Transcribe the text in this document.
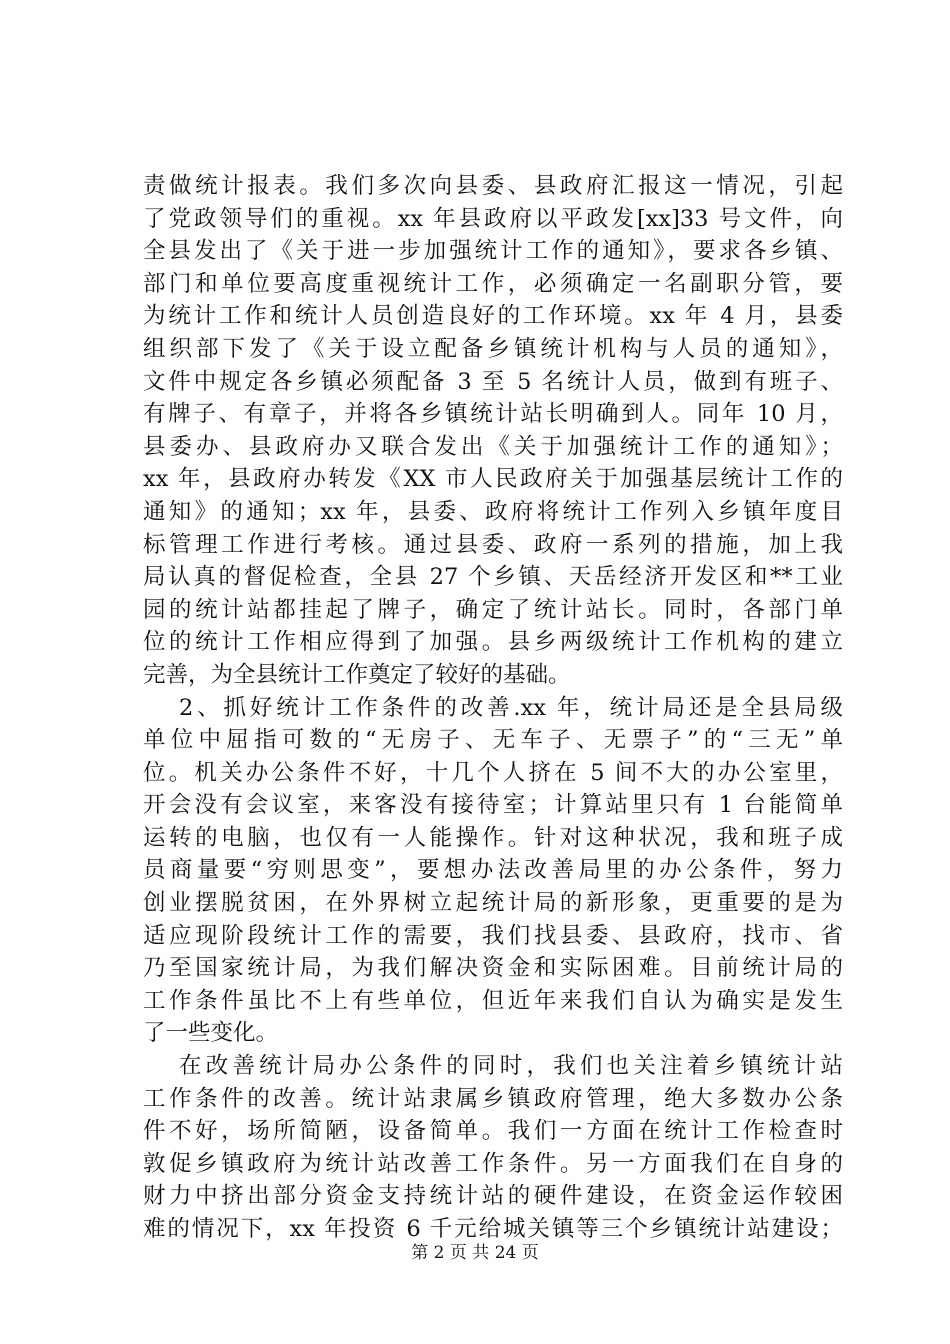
责做统计报表。我们多次向县委、县政府汇报这一情况，引起
了党政领导们的重视。xx 年县政府以平政发[xx]33 号文件，向
全县发出了《关于进一步加强统计工作的通知》，要求各乡镇、
部门和单位要高度重视统计工作，必须确定一名副职分管，要
为统计工作和统计人员创造良好的工作环境。xx 年 4 月，县委
组织部下发了《关于设立配备乡镇统计机构与人员的通知》，
文件中规定各乡镇必须配备 3 至 5 名统计人员，做到有班子、
有牌子、有章子，并将各乡镇统计站长明确到人。同年 10 月，
县委办、县政府办又联合发出《关于加强统计工作的通知》；
xx 年，县政府办转发《XX 市人民政府关于加强基层统计工作的
通知》的通知；xx 年，县委、政府将统计工作列入乡镇年度目
标管理工作进行考核。通过县委、政府一系列的措施，加上我
局认真的督促检查，全县 27 个乡镇、天岳经济开发区和**工业
园的统计站都挂起了牌子，确定了统计站长。同时，各部门单
位的统计工作相应得到了加强。县乡两级统计工作机构的建立
完善，为全县统计工作奠定了较好的基础。
2、抓好统计工作条件的改善.xx 年，统计局还是全县局级
单位中屈指可数的“无房子、无车子、无票子”的“三无”单
位。机关办公条件不好，十几个人挤在 5 间不大的办公室里，
开会没有会议室，来客没有接待室；计算站里只有 1 台能简单
运转的电脑，也仅有一人能操作。针对这种状况，我和班子成
员商量要“穷则思变”，要想办法改善局里的办公条件，努力
创业摆脱贫困，在外界树立起统计局的新形象，更重要的是为
适应现阶段统计工作的需要，我们找县委、县政府，找市、省
乃至国家统计局，为我们解决资金和实际困难。目前统计局的
工作条件虽比不上有些单位，但近年来我们自认为确实是发生
了一些变化。
在改善统计局办公条件的同时，我们也关注着乡镇统计站
工作条件的改善。统计站隶属乡镇政府管理，绝大多数办公条
件不好，场所简陋，设备简单。我们一方面在统计工作检查时
敦促乡镇政府为统计站改善工作条件。另一方面我们在自身的
财力中挤出部分资金支持统计站的硬件建设，在资金运作较困
难的情况下，xx 年投资 6 千元给城关镇等三个乡镇统计站建设；
第 2 页 共 24 页
